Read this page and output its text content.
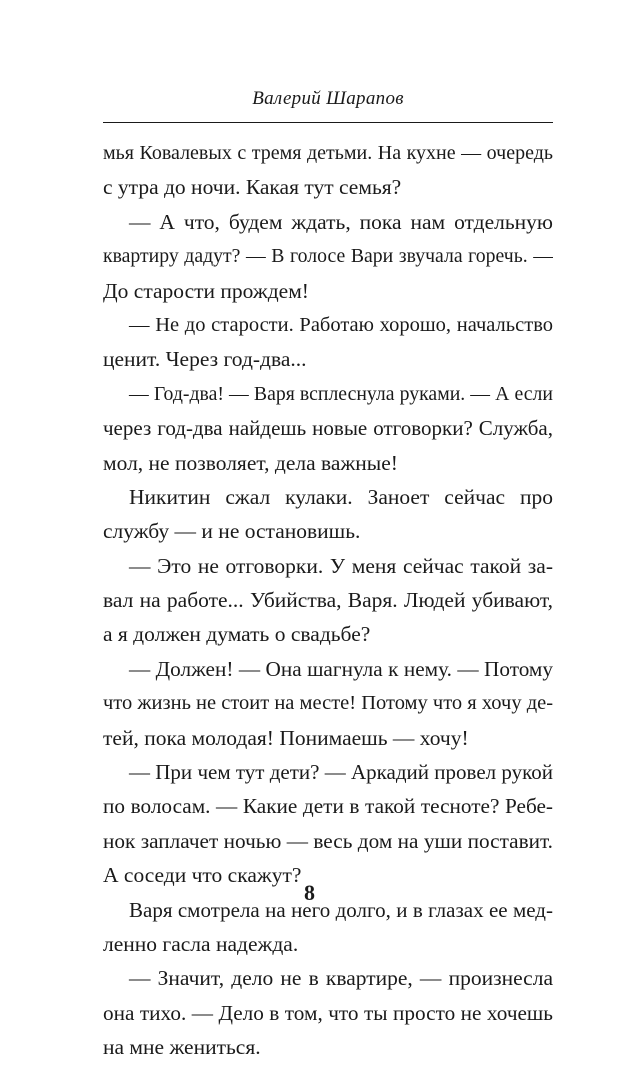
Валерий Шарапов
мья Ковалевых с тремя детьми. На кухне — очередь
с утра до ночи. Какая тут семья?
— А что, будем ждать, пока нам отдельную
квартиру дадут? — В голосе Вари звучала горечь. —
До старости прождем!
— Не до старости. Работаю хорошо, начальство
ценит. Через год-два...
— Год-два! — Варя всплеснула руками. — А если
через год-два найдешь новые отговорки? Служба,
мол, не позволяет, дела важные!
Никитин сжал кулаки. Заноет сейчас про
службу — и не остановишь.
— Это не отговорки. У меня сейчас такой за-
вал на работе... Убийства, Варя. Людей убивают,
а я должен думать о свадьбе?
— Должен! — Она шагнула к нему. — Потому
что жизнь не стоит на месте! Потому что я хочу де-
тей, пока молодая! Понимаешь — хочу!
— При чем тут дети? — Аркадий провел рукой
по волосам. — Какие дети в такой тесноте? Ребе-
нок заплачет ночью — весь дом на уши поставит.
А соседи что скажут?
Варя смотрела на него долго, и в глазах ее мед-
ленно гасла надежда.
— Значит, дело не в квартире, — произнесла
она тихо. — Дело в том, что ты просто не хочешь
на мне жениться.
8
